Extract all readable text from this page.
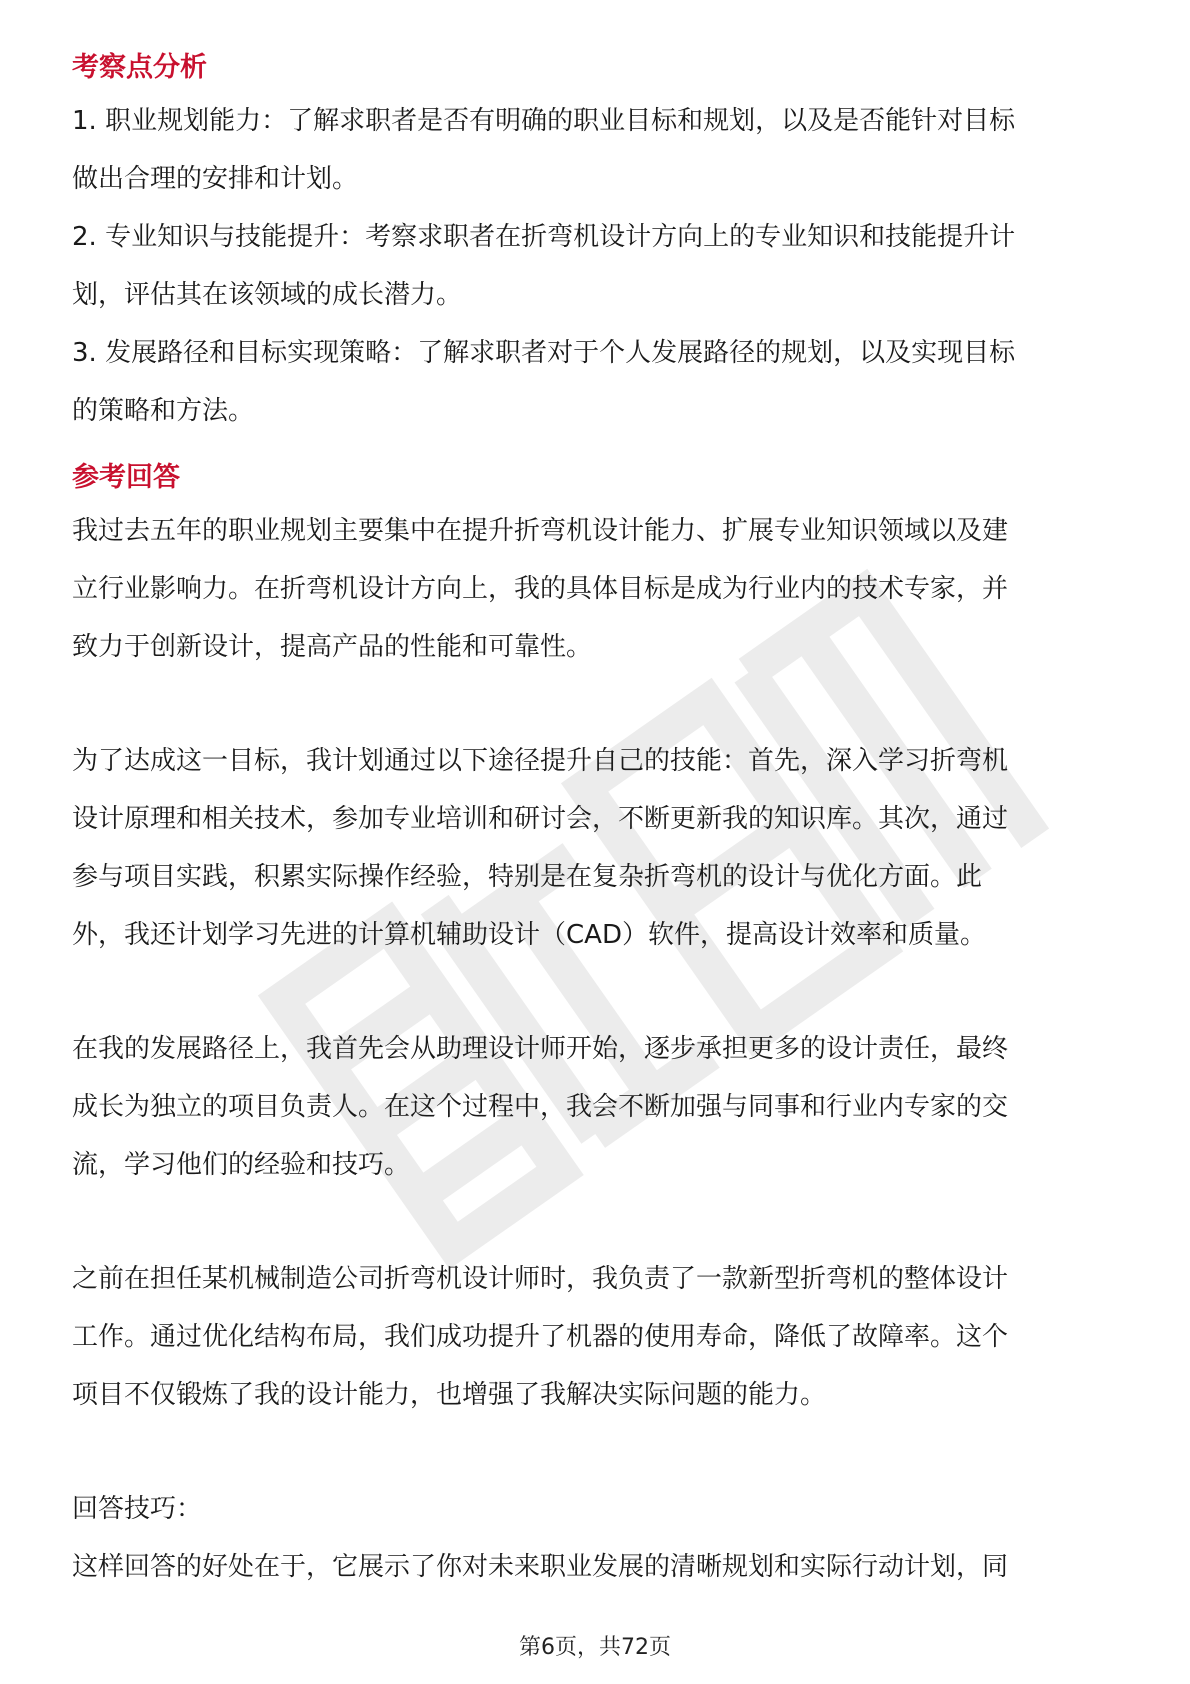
考察点分析

1. 职业规划能力：了解求职者是否有明确的职业目标和规划，以及是否能针对目标
做出合理的安排和计划。

2. 专业知识与技能提升：考察求职者在折弯机设计方向上的专业知识和技能提升计
划，评估其在该领域的成长潜力。

3. 发展路径和目标实现策略：了解求职者对于个人发展路径的规划，以及实现目标
的策略和方法。

参考回答

我过去五年的职业规划主要集中在提升折弯机设计能力、扩展专业知识领域以及建
立行业影响力。在折弯机设计方向上，我的具体目标是成为行业内的技术专家，并
致力于创新设计，提高产品的性能和可靠性。

为了达成这一目标，我计划通过以下途径提升自己的技能：首先，深入学习折弯机
设计原理和相关技术，参加专业培训和研讨会，不断更新我的知识库。其次，通过
参与项目实践，积累实际操作经验，特别是在复杂折弯机的设计与优化方面。此
外，我还计划学习先进的计算机辅助设计（CAD）软件，提高设计效率和质量。

在我的发展路径上，我首先会从助理设计师开始，逐步承担更多的设计责任，最终
成长为独立的项目负责人。在这个过程中，我会不断加强与同事和行业内专家的交
流，学习他们的经验和技巧。

之前在担任某机械制造公司折弯机设计师时，我负责了一款新型折弯机的整体设计
工作。通过优化结构布局，我们成功提升了机器的使用寿命，降低了故障率。这个
项目不仅锻炼了我的设计能力，也增强了我解决实际问题的能力。

回答技巧：
这样回答的好处在于，它展示了你对未来职业发展的清晰规划和实际行动计划，同

第6页，共72页
